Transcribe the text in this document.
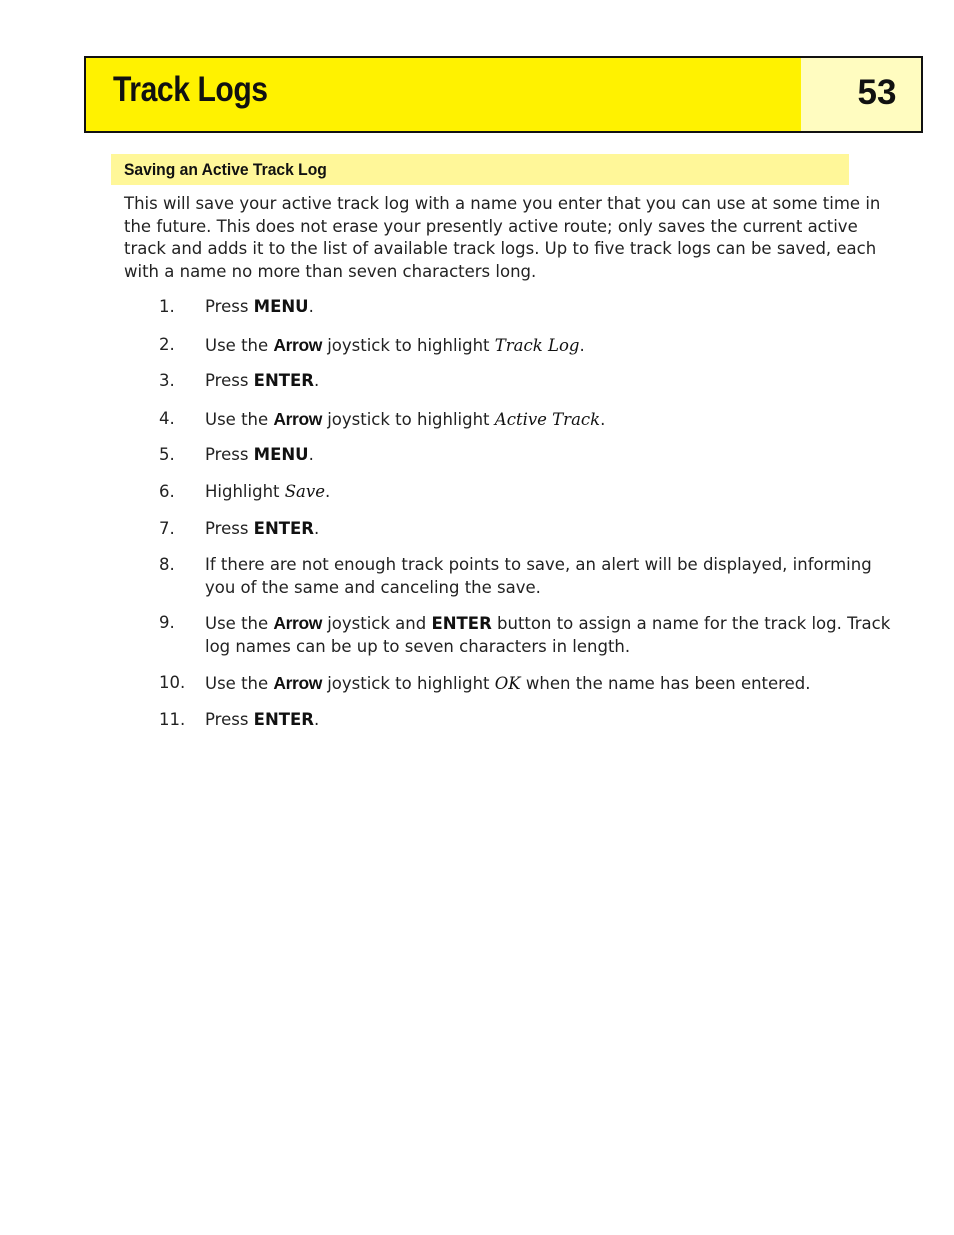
Track Logs	53
Saving an Active Track Log

This will save your active track log with a name you enter that you can use at some time in the future. This does not erase your presently active route; only saves the current active track and adds it to the list of available track logs. Up to five track logs can be saved, each with a name no more than seven characters long.

1. Press MENU.
2. Use the Arrow joystick to highlight Track Log.
3. Press ENTER.
4. Use the Arrow joystick to highlight Active Track.
5. Press MENU.
6. Highlight Save.
7. Press ENTER.
8. If there are not enough track points to save, an alert will be displayed, informing you of the same and canceling the save.
9. Use the Arrow joystick and ENTER button to assign a name for the track log. Track log names can be up to seven characters in length.
10. Use the Arrow joystick to highlight OK when the name has been entered.
11. Press ENTER.
